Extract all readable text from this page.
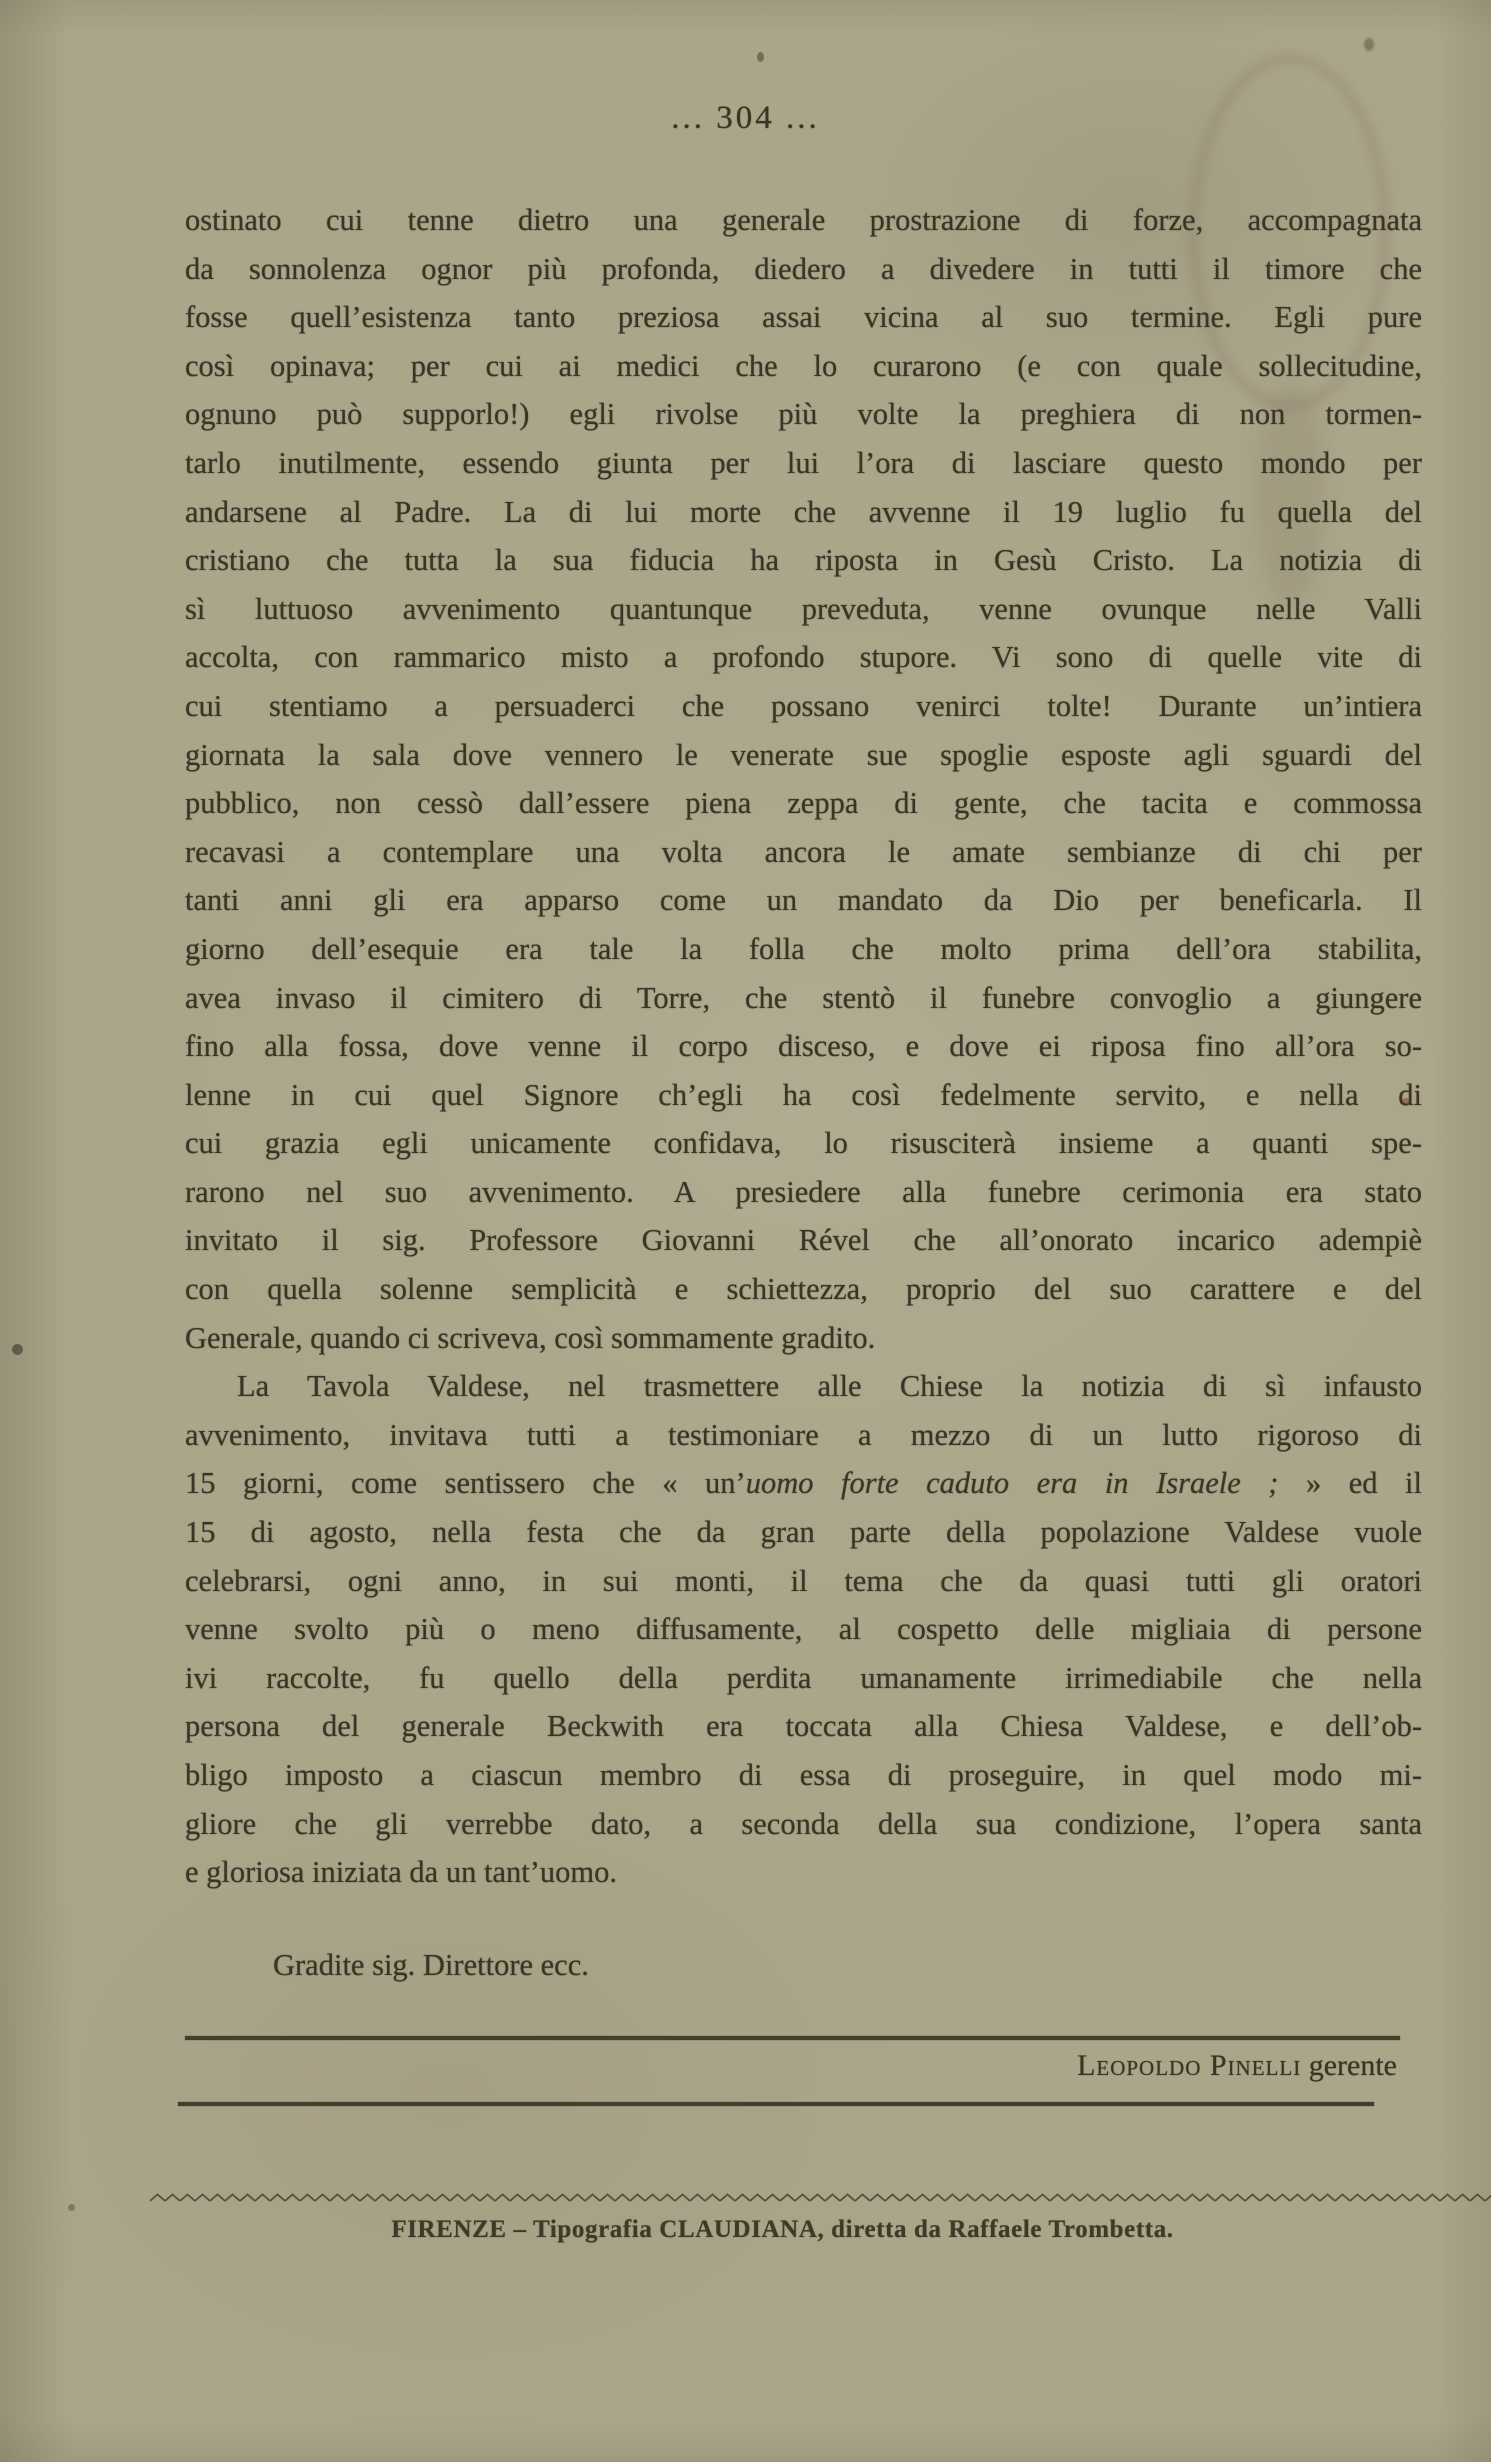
... 304 ...

ostinato cui tenne dietro una generale prostrazione di forze, accompagnata
da sonnolenza ognor più profonda, diedero a divedere in tutti il timore che
fosse quell’esistenza tanto preziosa assai vicina al suo termine. Egli pure
così opinava; per cui ai medici che lo curarono (e con quale sollecitudine,
ognuno può supporlo!) egli rivolse più volte la preghiera di non tormen-
tarlo inutilmente, essendo giunta per lui l’ora di lasciare questo mondo per
andarsene al Padre. La di lui morte che avvenne il 19 luglio fu quella del
cristiano che tutta la sua fiducia ha riposta in Gesù Cristo. La notizia di
sì luttuoso avvenimento quantunque preveduta, venne ovunque nelle Valli
accolta, con rammarico misto a profondo stupore. Vi sono di quelle vite di
cui stentiamo a persuaderci che possano venirci tolte! Durante un’intiera
giornata la sala dove vennero le venerate sue spoglie esposte agli sguardi del
pubblico, non cessò dall’essere piena zeppa di gente, che tacita e commossa
recavasi a contemplare una volta ancora le amate sembianze di chi per
tanti anni gli era apparso come un mandato da Dio per beneficarla. Il
giorno dell’esequie era tale la folla che molto prima dell’ora stabilita,
avea invaso il cimitero di Torre, che stentò il funebre convoglio a giungere
fino alla fossa, dove venne il corpo disceso, e dove ei riposa fino all’ora so-
lenne in cui quel Signore ch’egli ha così fedelmente servito, e nella di
cui grazia egli unicamente confidava, lo risusciterà insieme a quanti spe-
rarono nel suo avvenimento. A presiedere alla funebre cerimonia era stato
invitato il sig. Professore Giovanni Rével che all’onorato incarico adempiè
con quella solenne semplicità e schiettezza, proprio del suo carattere e del
Generale, quando ci scriveva, così sommamente gradito.

La Tavola Valdese, nel trasmettere alle Chiese la notizia di sì infausto
avvenimento, invitava tutti a testimoniare a mezzo di un lutto rigoroso di
15 giorni, come sentissero che « un’uomo forte caduto era in Israele ; » ed il
15 di agosto, nella festa che da gran parte della popolazione Valdese vuole
celebrarsi, ogni anno, in sui monti, il tema che da quasi tutti gli oratori
venne svolto più o meno diffusamente, al cospetto delle migliaia di persone
ivi raccolte, fu quello della perdita umanamente irrimediabile che nella
persona del generale Beckwith era toccata alla Chiesa Valdese, e dell’ob-
bligo imposto a ciascun membro di essa di proseguire, in quel modo mi-
gliore che gli verrebbe dato, a seconda della sua condizione, l’opera santa
e gloriosa iniziata da un tant’uomo.

Gradite sig. Direttore ecc.

Leopoldo Pinelli gerente
FIRENZE – Tipografia CLAUDIANA, diretta da Raffaele Trombetta.
